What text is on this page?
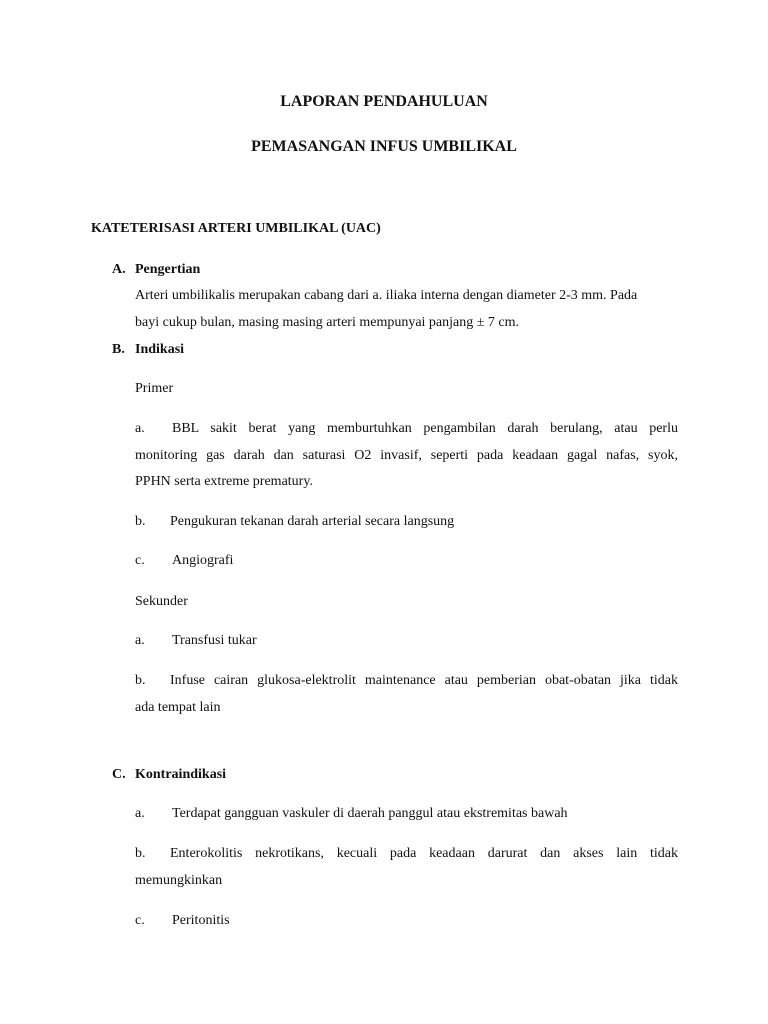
LAPORAN PENDAHULUAN
PEMASANGAN INFUS UMBILIKAL
KATETERISASI ARTERI UMBILIKAL (UAC)
A. Pengertian
Arteri umbilikalis merupakan cabang dari a. iliaka interna dengan diameter 2-3 mm. Pada
bayi cukup bulan, masing masing arteri mempunyai panjang ± 7 cm.
B. Indikasi
Primer
a. BBL sakit berat yang memburtuhkan pengambilan darah berulang, atau perlu
monitoring gas darah dan saturasi O2 invasif, seperti pada keadaan gagal nafas, syok,
PPHN serta extreme prematury.
b. Pengukuran tekanan darah arterial secara langsung
c. Angiografi
Sekunder
a. Transfusi tukar
b. Infuse cairan glukosa-elektrolit maintenance atau pemberian obat-obatan jika tidak
ada tempat lain
C. Kontraindikasi
a. Terdapat gangguan vaskuler di daerah panggul atau ekstremitas bawah
b. Enterokolitis nekrotikans, kecuali pada keadaan darurat dan akses lain tidak
memungkinkan
c. Peritonitis
